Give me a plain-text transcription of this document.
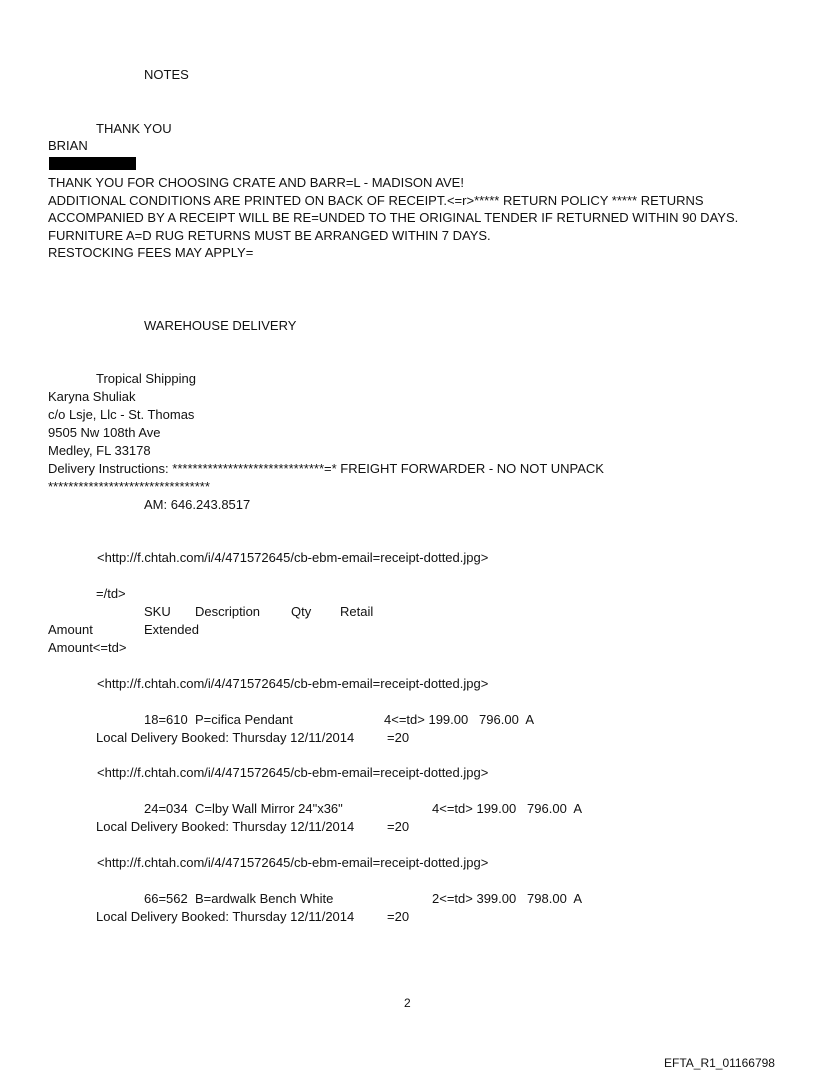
NOTES
THANK YOU
BRIAN
THANK YOU FOR CHOOSING CRATE AND BARR=L - MADISON AVE!
ADDITIONAL CONDITIONS ARE PRINTED ON BACK OF RECEIPT.<=r>***** RETURN POLICY ***** RETURNS
ACCOMPANIED BY A RECEIPT WILL BE RE=UNDED TO THE ORIGINAL TENDER IF RETURNED WITHIN 90 DAYS.
FURNITURE A=D RUG RETURNS MUST BE ARRANGED WITHIN 7 DAYS.
RESTOCKING FEES MAY APPLY=
WAREHOUSE DELIVERY
Tropical Shipping
Karyna Shuliak
c/o Lsje, Llc - St. Thomas
9505 Nw 108th Ave
Medley, FL 33178
Delivery Instructions: ******************************=* FREIGHT FORWARDER - NO NOT UNPACK
********************************
AM: 646.243.8517
<http://f.chtah.com/i/4/471572645/cb-ebm-email=receipt-dotted.jpg>
=/td>
SKU Description Qty Retail
Amount	Extended
Amount<=td>
<http://f.chtah.com/i/4/471572645/cb-ebm-email=receipt-dotted.jpg>
18=610  P=cifica Pendant	4<=td> 199.00   796.00  A
Local Delivery Booked: Thursday 12/11/2014	=20
<http://f.chtah.com/i/4/471572645/cb-ebm-email=receipt-dotted.jpg>
24=034  C=lby Wall Mirror 24"x36"	4<=td> 199.00   796.00  A
Local Delivery Booked: Thursday 12/11/2014	=20
<http://f.chtah.com/i/4/471572645/cb-ebm-email=receipt-dotted.jpg>
66=562  B=ardwalk Bench White	2<=td> 399.00   798.00  A
Local Delivery Booked: Thursday 12/11/2014	=20
2
EFTA_R1_01166798
